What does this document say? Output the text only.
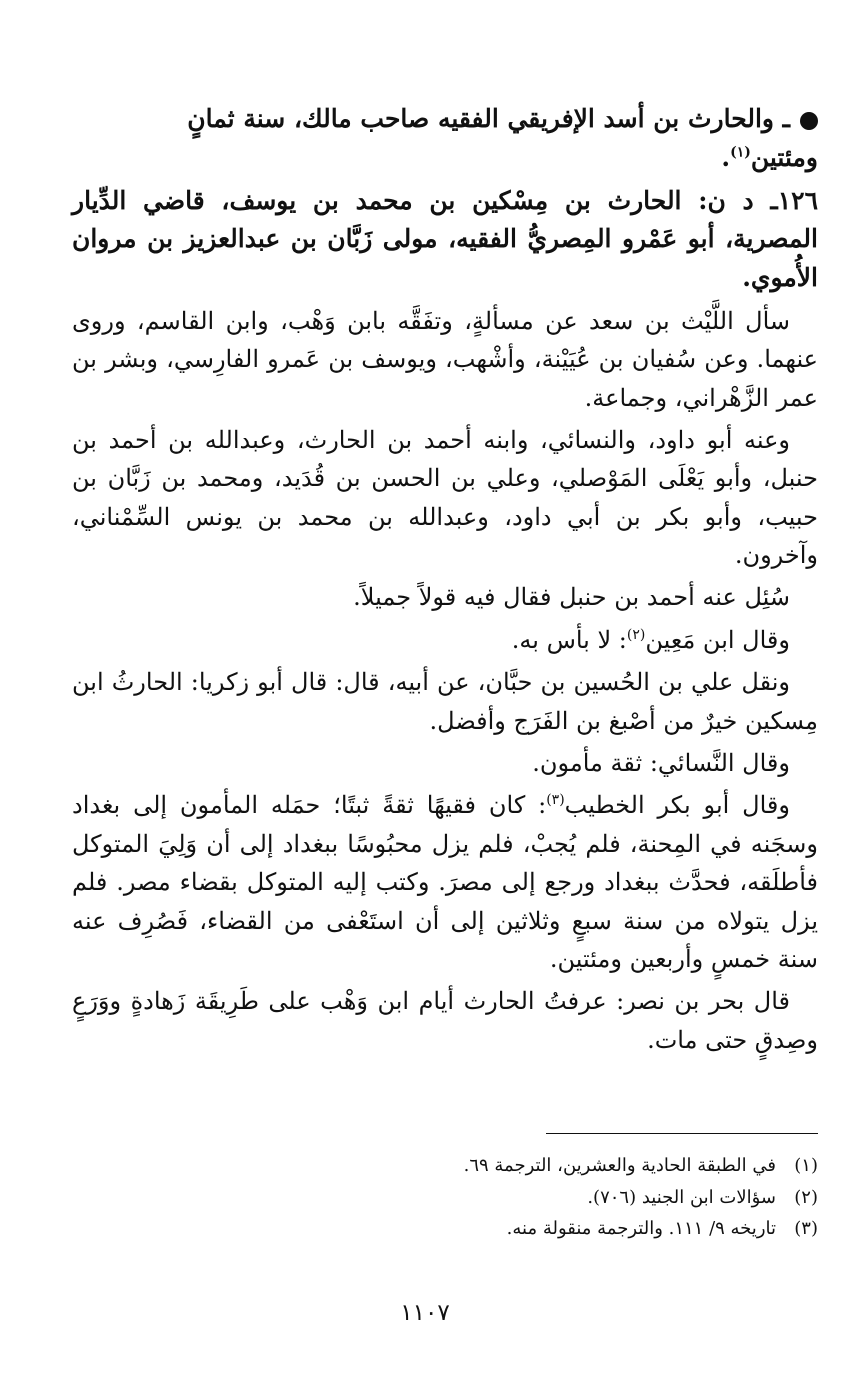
ـ والحارث بن أسد الإفريقي الفقيه صاحب مالك، سنة ثمانٍ
ومئتين$^{(١)}$.

١٢٦ـ د ن: الحارث بن مِسْكين بن محمد بن يوسف، قاضي الدِّيار المصرية، أبو عَمْرو المِصريُّ الفقيه، مولى زَبَّان بن عبدالعزيز بن مروان الأُموي.

سأل اللَّيْث بن سعد عن مسألةٍ، وتفَقَّه بابن وَهْب، وابن القاسم، وروى عنهما. وعن سُفيان بن عُيَيْنة، وأشْهب، ويوسف بن عَمرو الفارِسي، وبشر بن عمر الزَّهْراني، وجماعة.

وعنه أبو داود، والنسائي، وابنه أحمد بن الحارث، وعبدالله بن أحمد بن حنبل، وأبو يَعْلَى المَوْصلي، وعلي بن الحسن بن قُدَيد، ومحمد بن زَبَّان بن حبيب، وأبو بكر بن أبي داود، وعبدالله بن محمد بن يونس السِّمْناني، وآخرون.

سُئِل عنه أحمد بن حنبل فقال فيه قولاً جميلاً.

وقال ابن مَعِين$^{(٢)}$: لا بأس به.

ونقل علي بن الحُسين بن حبَّان، عن أبيه، قال: قال أبو زكريا: الحارثُ ابن مِسكين خيرٌ من أصْبغ بن الفَرَج وأفضل.

وقال النَّسائي: ثقة مأمون.

وقال أبو بكر الخطيب$^{(٣)}$: كان فقيهًا ثقةً ثبتًا؛ حمَله المأمون إلى بغداد وسجَنه في المِحنة، فلم يُجبْ، فلم يزل محبُوسًا ببغداد إلى أن وَلِيَ المتوكل فأطلَقه، فحدَّث ببغداد ورجع إلى مصرَ. وكتب إليه المتوكل بقضاء مصر. فلم يزل يتولاه من سنة سبعٍ وثلاثين إلى أن استَعْفى من القضاء، فَصُرِف عنه سنة خمسٍ وأربعين ومئتين.

قال بحر بن نصر: عرفتُ الحارث أيام ابن وَهْب على طَرِيقَة زَهادةٍ ووَرَعٍ وصِدقٍ حتى مات.

(١)
في الطبقة الحادية والعشرين، الترجمة ٦٩.
(٢)
سؤالات ابن الجنيد (٧٠٦).
(٣)
تاريخه ٩/ ١١١. والترجمة منقولة منه.
١١٠٧
